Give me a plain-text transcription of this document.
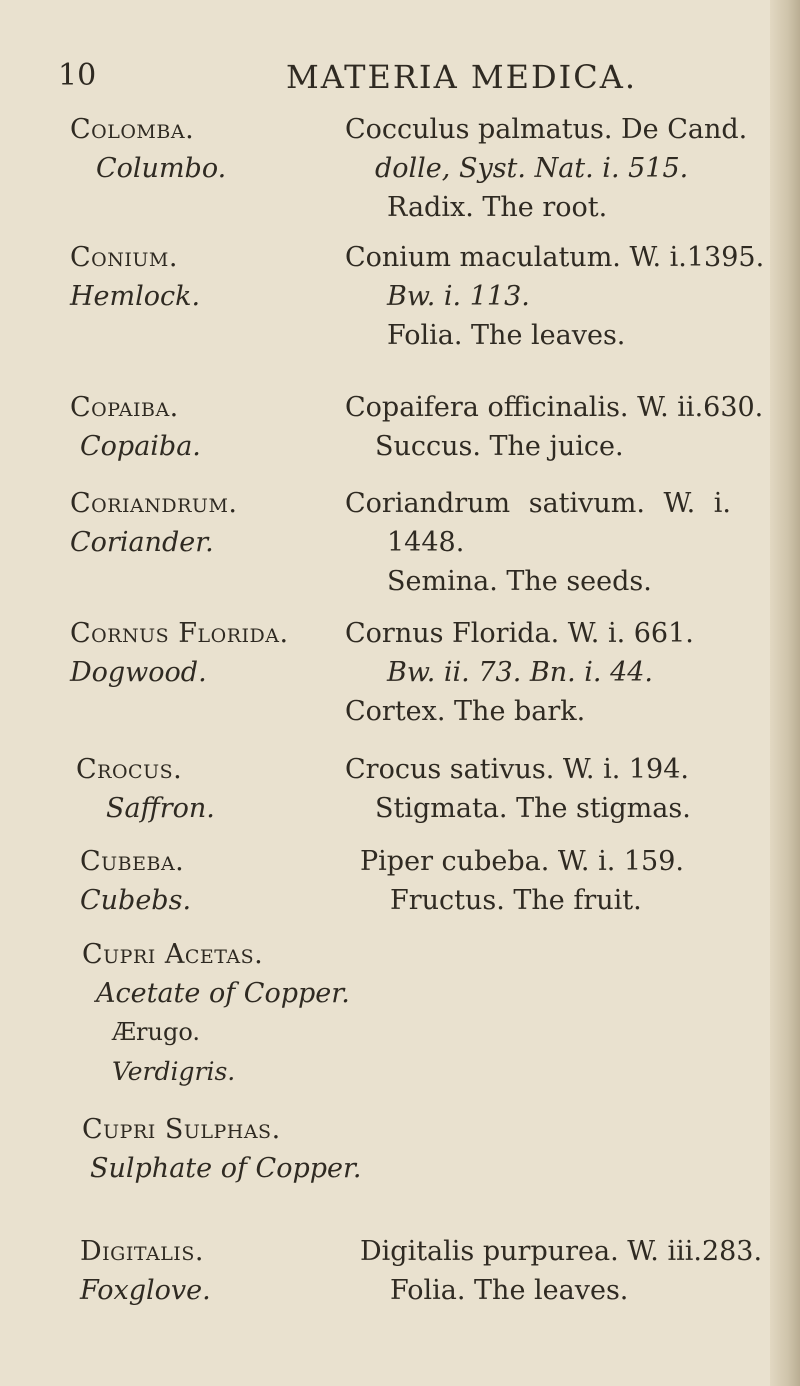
10	MATERIA MEDICA.
Colomba.
Columbo.
Cocculus palmatus. De Cand.
dolle, Syst. Nat. i. 515.
Radix. The root.
Conium.
Hemlock.
Conium maculatum. W. i.1395.
Bw. i. 113.
Folia. The leaves.
Copaiba.
Copaiba.
Copaifera officinalis. W. ii.630.
Succus. The juice.
Coriandrum.
Coriander.
Coriandrum sativum. W. i.
1448.
Semina. The seeds.
Cornus Florida.
Dogwood.
Cornus Florida. W. i. 661.
Bw. ii. 73. Bn. i. 44.
Cortex. The bark.
Crocus.
Saffron.
Crocus sativus. W. i. 194.
Stigmata. The stigmas.
Cubeba.
Cubebs.
Piper cubeba. W. i. 159.
Fructus. The fruit.
Cupri Acetas.
Acetate of Copper.
Ærugo.
Verdigris.
Cupri Sulphas.
Sulphate of Copper.
Digitalis.
Foxglove.
Digitalis purpurea. W. iii.283.
Folia. The leaves.
